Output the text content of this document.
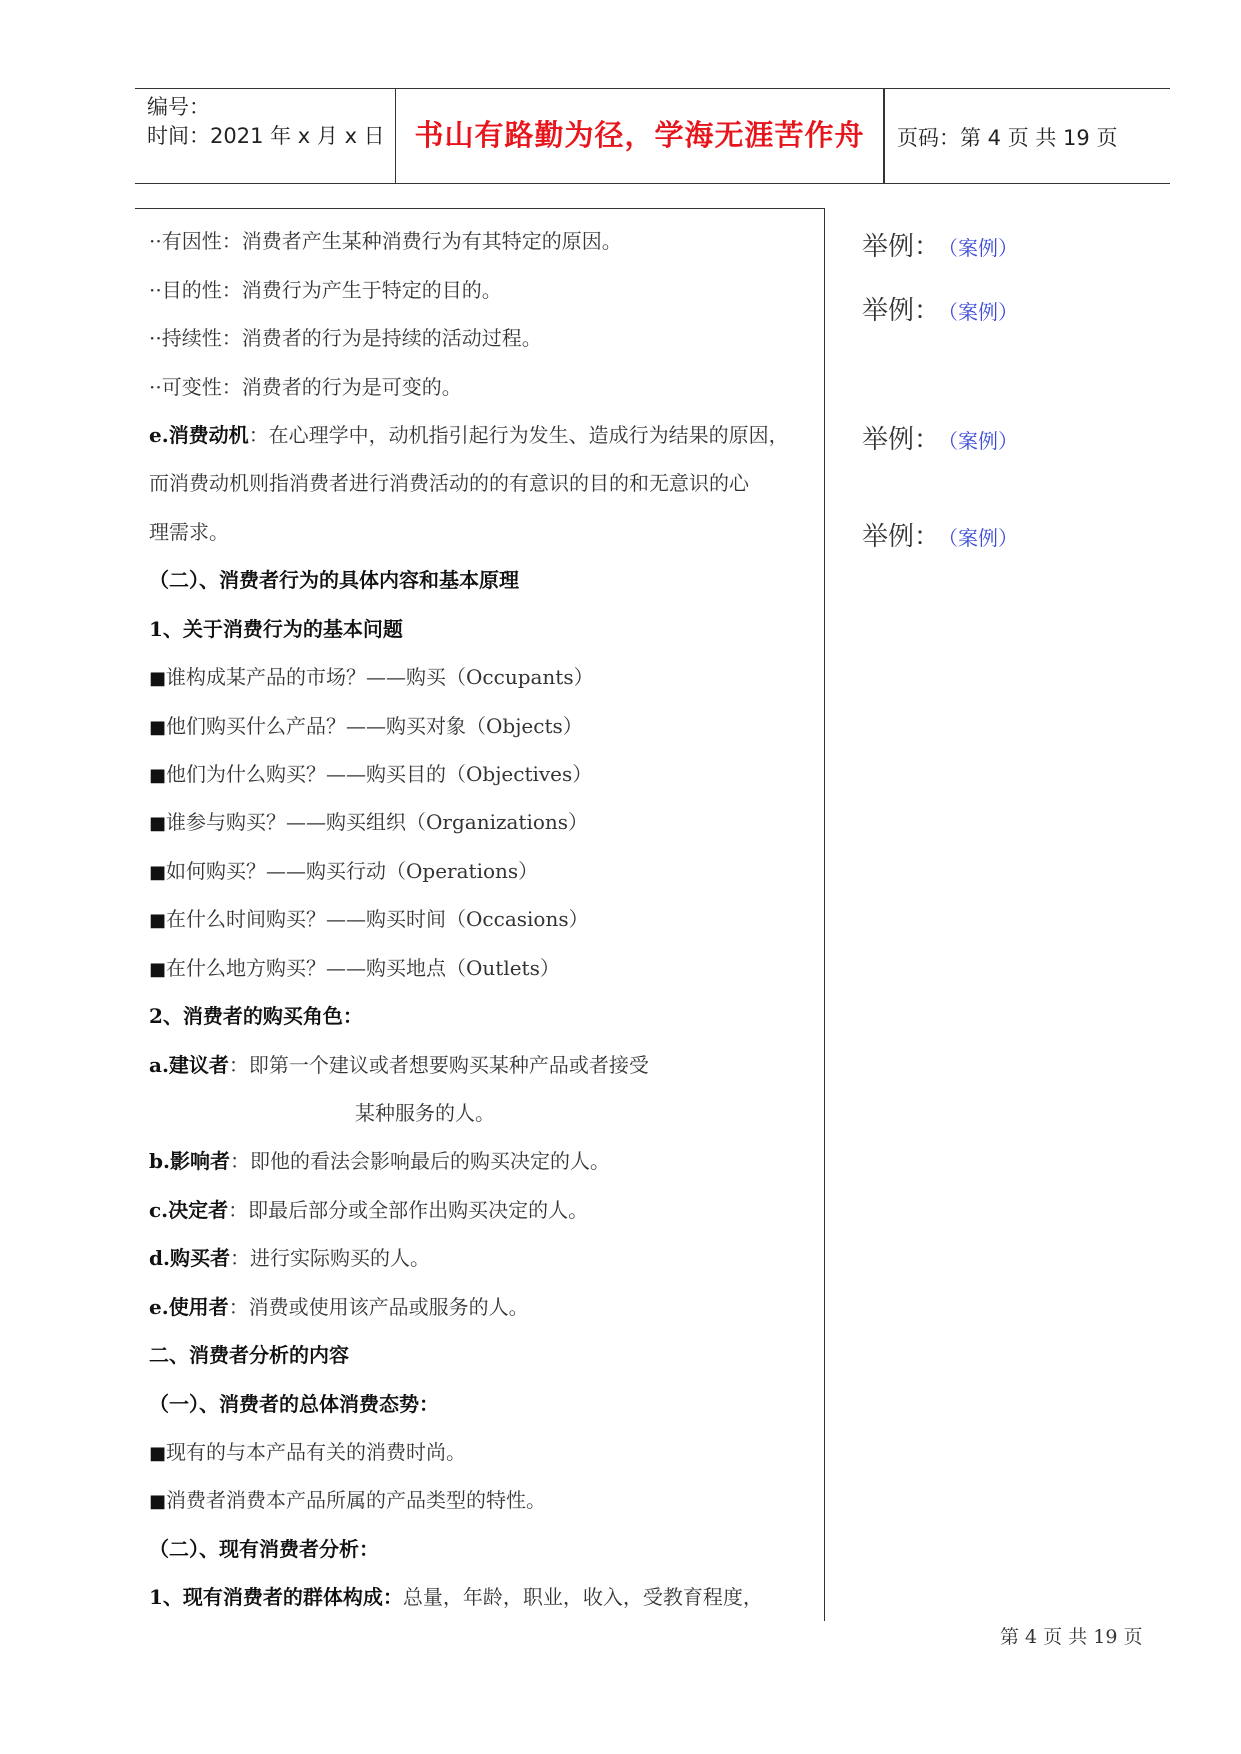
编号：
时间：2021 年 x 月 x 日	书山有路勤为径，学海无涯苦作舟	页码：第 4 页 共 19 页
··有因性：消费者产生某种消费行为有其特定的原因。
··目的性：消费行为产生于特定的目的。
··持续性：消费者的行为是持续的活动过程。
··可变性：消费者的行为是可变的。
e.消费动机：在心理学中，动机指引起行为发生、造成行为结果的原因，
而消费动机则指消费者进行消费活动的的有意识的目的和无意识的心
理需求。
（二）、消费者行为的具体内容和基本原理
1、关于消费行为的基本问题
■谁构成某产品的市场？——购买（Occupants）
■他们购买什么产品？——购买对象（Objects）
■他们为什么购买？——购买目的（Objectives）
■谁参与购买？——购买组织（Organizations）
■如何购买？——购买行动（Operations）
■在什么时间购买？——购买时间（Occasions）
■在什么地方购买？——购买地点（Outlets）
2、消费者的购买角色：
a.建议者：即第一个建议或者想要购买某种产品或者接受
某种服务的人。
b.影响者：即他的看法会影响最后的购买决定的人。
c.决定者：即最后部分或全部作出购买决定的人。
d.购买者：进行实际购买的人。
e.使用者：消费或使用该产品或服务的人。
二、消费者分析的内容
（一）、消费者的总体消费态势：
■现有的与本产品有关的消费时尚。
■消费者消费本产品所属的产品类型的特性。
（二）、现有消费者分析：
1、现有消费者的群体构成：总量，年龄，职业，收入，受教育程度，
举例： （案例）
举例： （案例）
举例： （案例）
举例： （案例）
第 4 页 共 19 页
